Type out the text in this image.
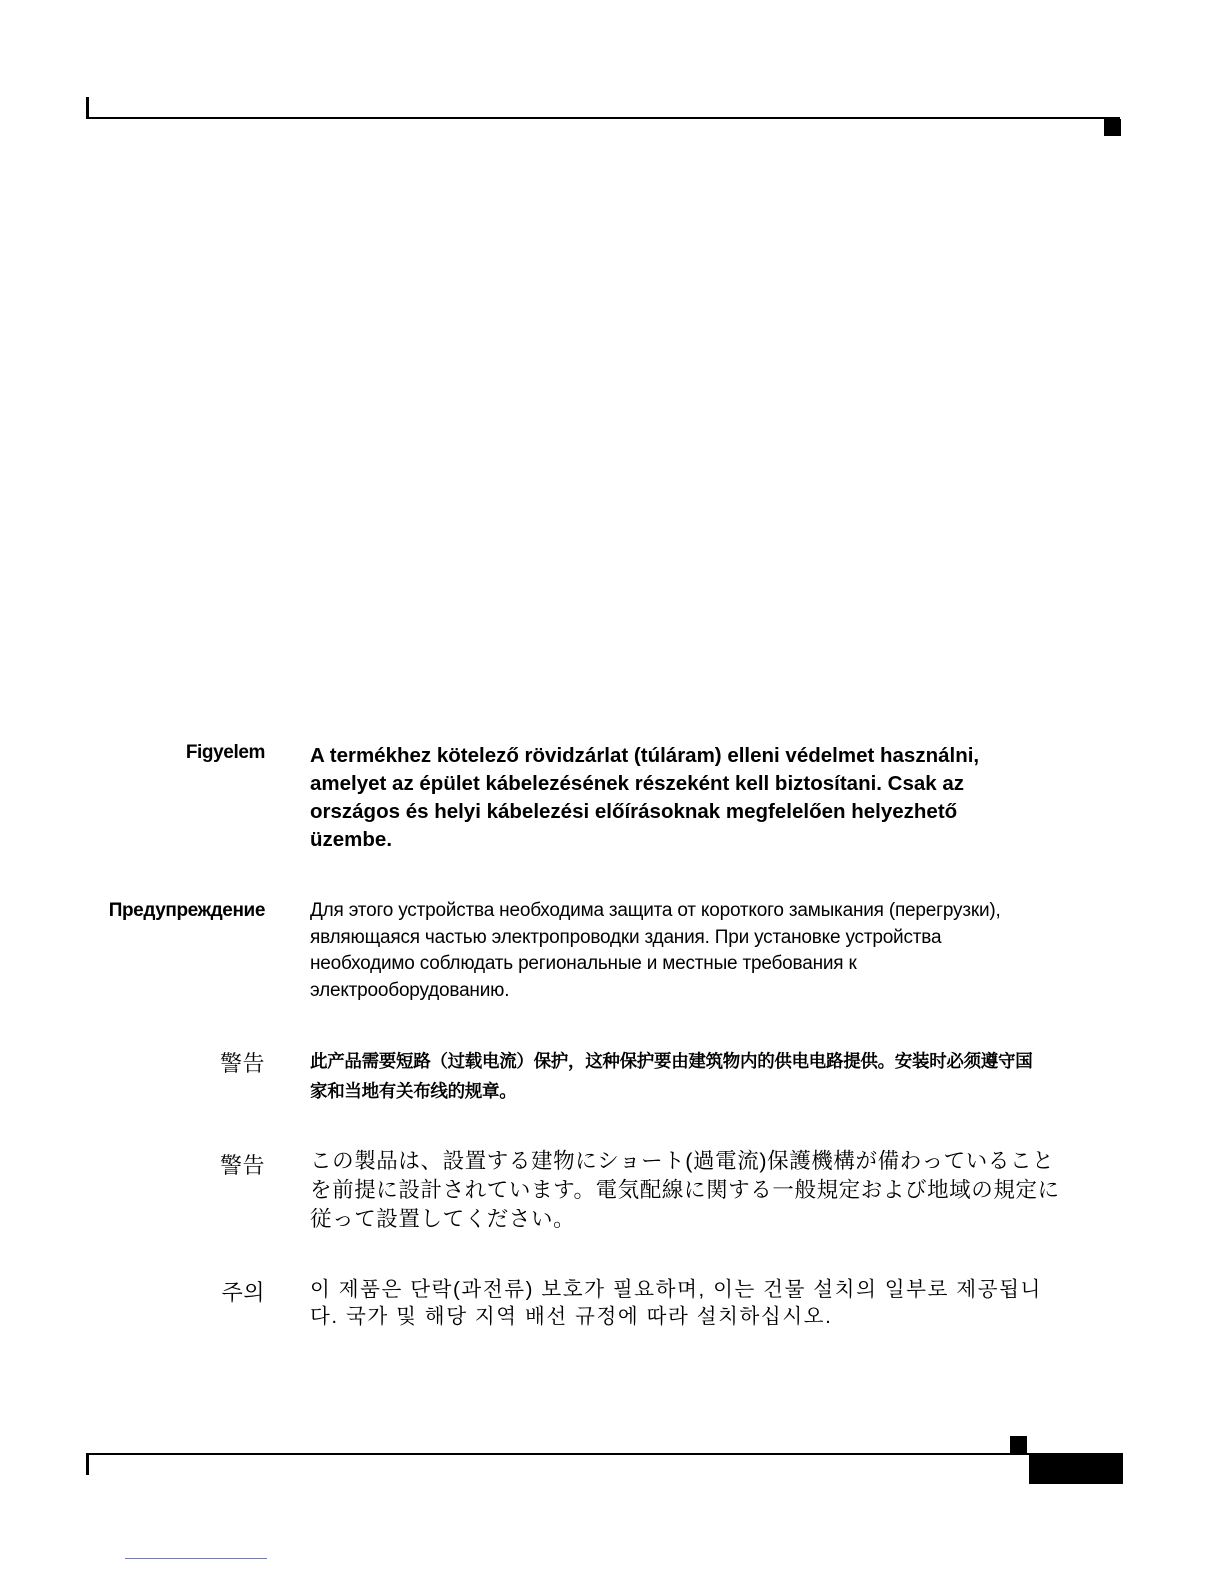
Figyelem A termékhez kötelező rövidzárlat (túláram) elleni védelmet használni,
amelyet az épület kábelezésének részeként kell biztosítani. Csak az
országos és helyi kábelezési előírásoknak megfelelően helyezhető
üzembe.
Предупреждение Для этого устройства необходима защита от короткого замыкания (перегрузки),
являющаяся частью электропроводки здания. При установке устройства
необходимо соблюдать региональные и местные требования к
электрооборудованию.
警告	此产品需要短路（过载电流）保护，这种保护要由建筑物内的供电电路提供。安装时必须遵守国
家和当地有关布线的规章。
警告 この製品は、設置する建物にショート(過電流)保護機構が備わっていること
を前提に設計されています。電気配線に関する一般規定および地域の規定に
従って設置してください。
주의 이 제품은 단락(과전류) 보호가 필요하며, 이는 건물 설치의 일부로 제공됩니
다. 국가 및 해당 지역 배선 규정에 따라 설치하십시오.
